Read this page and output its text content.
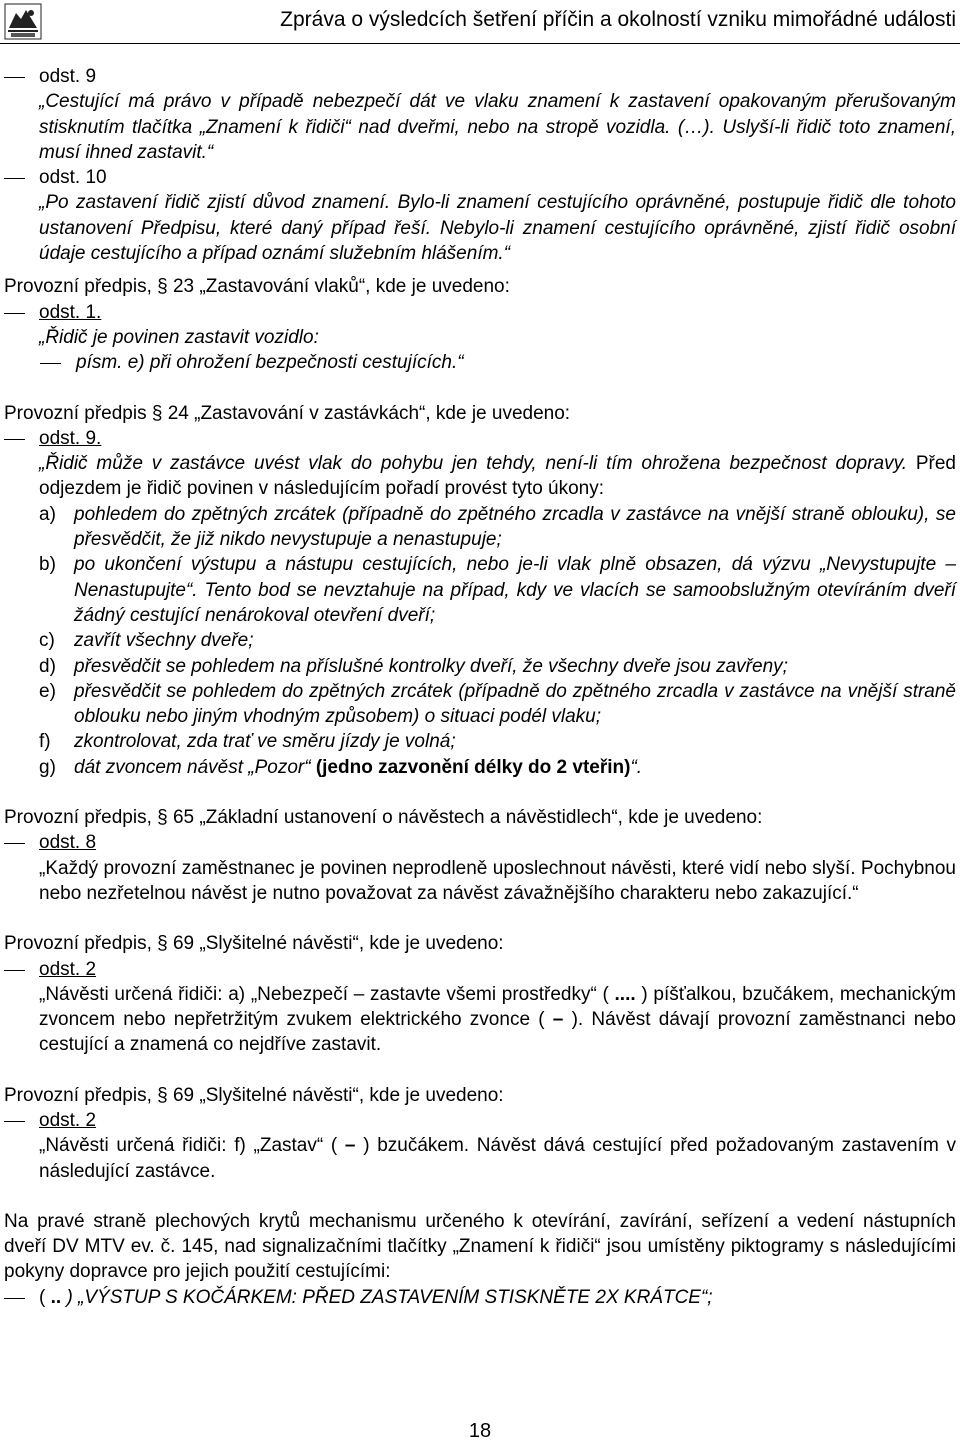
Zpráva o výsledcích šetření příčin a okolností vzniku mimořádné události

odst. 9

„Cestující má právo v případě nebezpečí dát ve vlaku znamení k zastavení opakovaným přerušovaným stisknutím tlačítka „Znamení k řidiči“ nad dveřmi, nebo na stropě vozidla. (…). Uslyší-li řidič toto znamení, musí ihned zastavit.“

odst. 10

„Po zastavení řidič zjistí důvod znamení. Bylo-li znamení cestujícího oprávněné, postupuje řidič dle tohoto ustanovení Předpisu, které daný případ řeší. Nebylo-li znamení cestujícího oprávněné, zjistí řidič osobní údaje cestujícího a případ oznámí služebním hlášením.“

Provozní předpis, § 23 „Zastavování vlaků“, kde je uvedeno:

odst. 1.

„Řidič je povinen zastavit vozidlo:

písm. e) při ohrožení bezpečnosti cestujících.“

Provozní předpis § 24 „Zastavování v zastávkách“, kde je uvedeno:

odst. 9.

„Řidič může v zastávce uvést vlak do pohybu jen tehdy, není-li tím ohrožena bezpečnost dopravy. Před odjezdem je řidič povinen v následujícím pořadí provést tyto úkony:

a) pohledem do zpětných zrcátek (případně do zpětného zrcadla v zastávce na vnější straně oblouku), se přesvědčit, že již nikdo nevystupuje a nenastupuje;

b) po ukončení výstupu a nástupu cestujících, nebo je-li vlak plně obsazen, dá výzvu „Nevystupujte – Nenastupujte“. Tento bod se nevztahuje na případ, kdy ve vlacích se samoobslužným otevíráním dveří žádný cestující nenárokoval otevření dveří;

c) zavřít všechny dveře;

d) přesvědčit se pohledem na příslušné kontrolky dveří, že všechny dveře jsou zavřeny;

e) přesvědčit se pohledem do zpětných zrcátek (případně do zpětného zrcadla v zastávce na vnější straně oblouku nebo jiným vhodným způsobem) o situaci podél vlaku;

f) zkontrolovat, zda trať ve směru jízdy je volná;

g) dát zvoncem návěst „Pozor“ (jedno zazvonění délky do 2 vteřin)“.

Provozní předpis, § 65 „Základní ustanovení o návěstech a návěstidlech“, kde je uvedeno:

odst. 8

„Každý provozní zaměstnanec je povinen neprodleně uposlechnout návěsti, které vidí nebo slyší. Pochybnou nebo nezřetelnou návěst je nutno považovat za návěst závažnějšího charakteru nebo zakazující.“

Provozní předpis, § 69 „Slyšitelné návěsti“, kde je uvedeno:

odst. 2

„Návěsti určená řidiči: a) „Nebezpečí – zastavte všemi prostředky“ ( .... ) píšťalkou, bzučákem, mechanickým zvoncem nebo nepřetržitým zvukem elektrického zvonce ( – ). Návěst dávají provozní zaměstnanci nebo cestující a znamená co nejdříve zastavit.

Provozní předpis, § 69 „Slyšitelné návěsti“, kde je uvedeno:

odst. 2

„Návěsti určená řidiči: f) „Zastav“ ( – ) bzučákem. Návěst dává cestující před požadovaným zastavením v následující zastávce.

Na pravé straně plechových krytů mechanismu určeného k otevírání, zavírání, seřízení a vedení nástupních dveří DV MTV ev. č. 145, nad signalizačními tlačítky „Znamení k řidiči“ jsou umístěny piktogramy s následujícími pokyny dopravce pro jejich použití cestujícími:

( .. ) „VÝSTUP S KOČÁRKEM: PŘED ZASTAVENÍM STISKNĚTE 2X KRÁTCE“;

18
